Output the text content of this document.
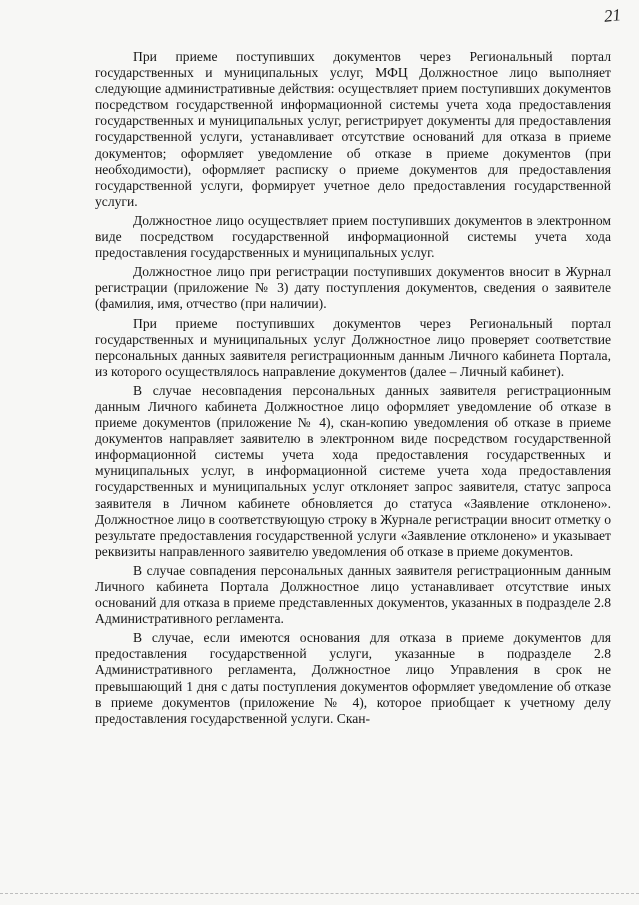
21

При приеме поступивших документов через Региональный портал государственных и муниципальных услуг, МФЦ Должностное лицо выполняет следующие административные действия: осуществляет прием поступивших документов посредством государственной информационной системы учета хода предоставления государственных и муниципальных услуг, регистрирует документы для предоставления государственной услуги, устанавливает отсутствие оснований для отказа в приеме документов; оформляет уведомление об отказе в приеме документов (при необходимости), оформляет расписку о приеме документов для предоставления государственной услуги, формирует учетное дело предоставления государственной услуги.

Должностное лицо осуществляет прием поступивших документов в электронном виде посредством государственной информационной системы учета хода предоставления государственных и муниципальных услуг.

Должностное лицо при регистрации поступивших документов вносит в Журнал регистрации (приложение № 3) дату поступления документов, сведения о заявителе (фамилия, имя, отчество (при наличии).

При приеме поступивших документов через Региональный портал государственных и муниципальных услуг Должностное лицо проверяет соответствие персональных данных заявителя регистрационным данным Личного кабинета Портала, из которого осуществлялось направление документов (далее – Личный кабинет).

В случае несовпадения персональных данных заявителя регистрационным данным Личного кабинета Должностное лицо оформляет уведомление об отказе в приеме документов (приложение № 4), скан-копию уведомления об отказе в приеме документов направляет заявителю в электронном виде посредством государственной информационной системы учета хода предоставления государственных и муниципальных услуг, в информационной системе учета хода предоставления государственных и муниципальных услуг отклоняет запрос заявителя, статус запроса заявителя в Личном кабинете обновляется до статуса «Заявление отклонено». Должностное лицо в соответствующую строку в Журнале регистрации вносит отметку о результате предоставления государственной услуги «Заявление отклонено» и указывает реквизиты направленного заявителю уведомления об отказе в приеме документов.

В случае совпадения персональных данных заявителя регистрационным данным Личного кабинета Портала Должностное лицо устанавливает отсутствие иных оснований для отказа в приеме представленных документов, указанных в подразделе 2.8 Административного регламента.

В случае, если имеются основания для отказа в приеме документов для предоставления государственной услуги, указанные в подразделе 2.8 Административного регламента, Должностное лицо Управления в срок не превышающий 1 дня с даты поступления документов оформляет уведомление об отказе в приеме документов (приложение № 4), которое приобщает к учетному делу предоставления государственной услуги. Скан-
